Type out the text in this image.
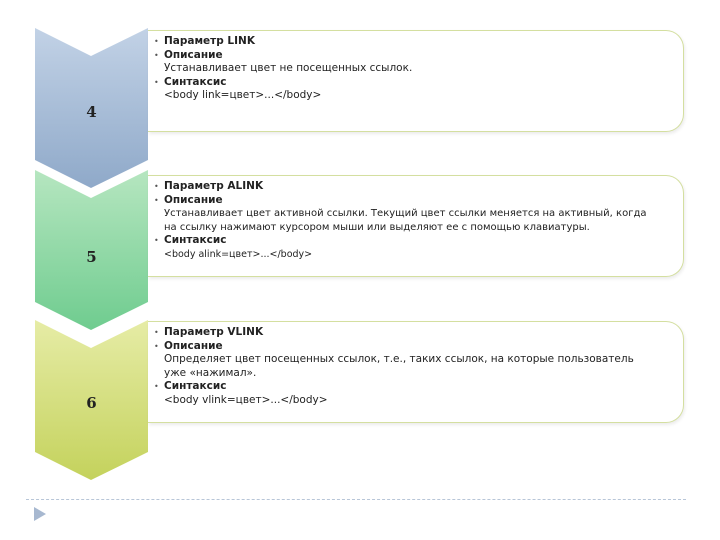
4
• Параметр LINK
• Описание
Устанавливает цвет не посещенных ссылок.
• Синтаксис
<body link=цвет>...</body>
5
• Параметр ALINK
• Описание
Устанавливает цвет активной ссылки. Текущий цвет ссылки меняется на активный, когда
на ссылку нажимают курсором мыши или выделяют ее с помощью клавиатуры.
• Синтаксис
<body alink=цвет>...</body>
6
• Параметр VLINK
• Описание
Определяет цвет посещенных ссылок, т.е., таких ссылок, на которые пользователь
уже «нажимал».
• Синтаксис
<body vlink=цвет>...</body>
